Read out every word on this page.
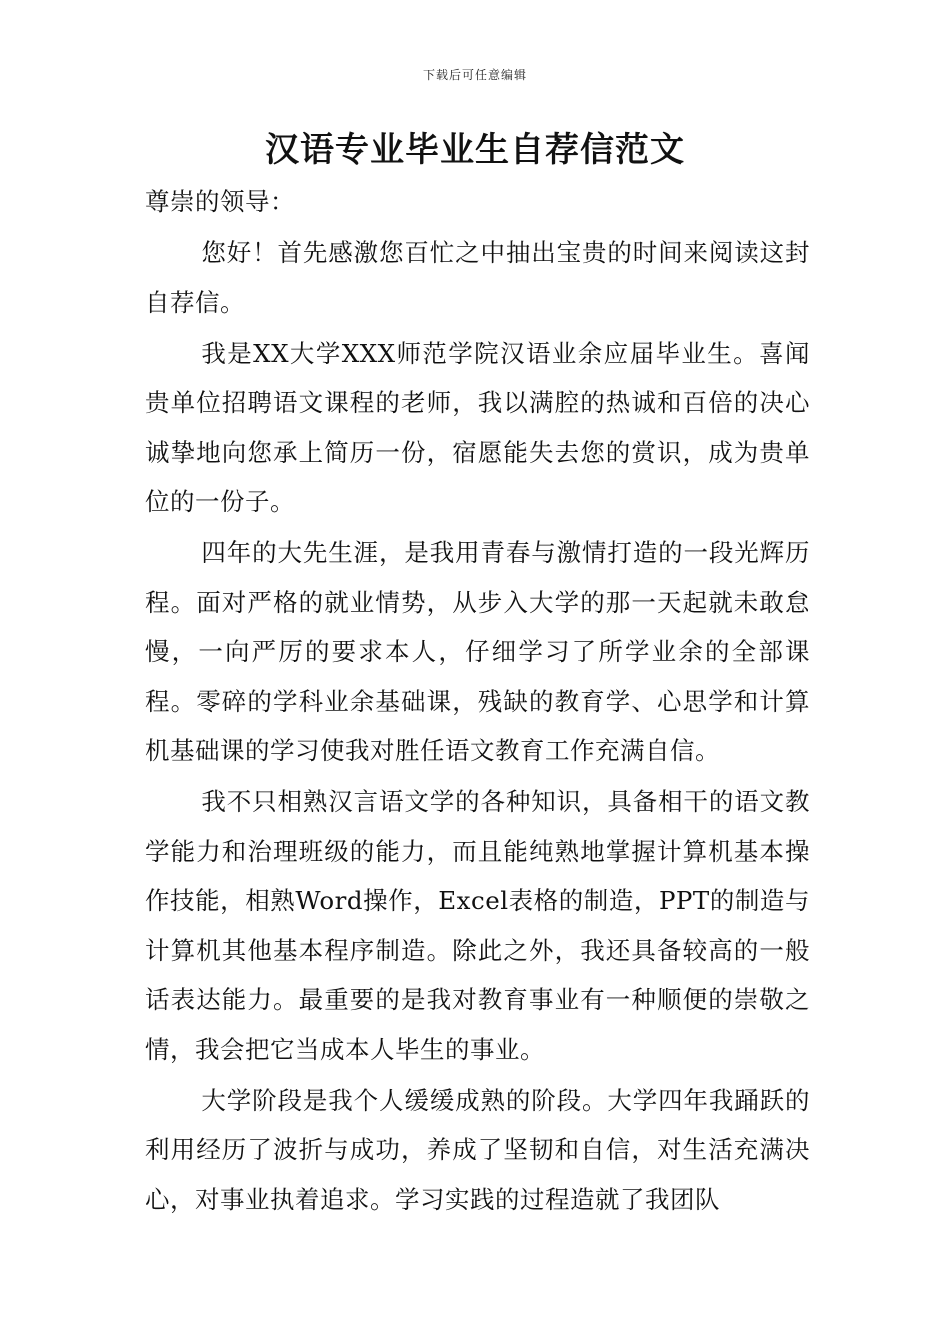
下载后可任意编辑
汉语专业毕业生自荐信范文

尊崇的领导：

您好！首先感激您百忙之中抽出宝贵的时间来阅读这封自荐信。

我是XX大学XXX师范学院汉语业余应届毕业生。喜闻贵单位招聘语文课程的老师，我以满腔的热诚和百倍的决心诚挚地向您承上简历一份，宿愿能失去您的赏识，成为贵单位的一份子。

四年的大先生涯，是我用青春与激情打造的一段光辉历程。面对严格的就业情势，从步入大学的那一天起就未敢怠慢，一向严厉的要求本人，仔细学习了所学业余的全部课程。零碎的学科业余基础课，残缺的教育学、心思学和计算机基础课的学习使我对胜任语文教育工作充满自信。

我不只相熟汉言语文学的各种知识，具备相干的语文教学能力和治理班级的能力，而且能纯熟地掌握计算机基本操作技能，相熟Word操作，Excel表格的制造，PPT的制造与计算机其他基本程序制造。除此之外，我还具备较高的一般话表达能力。最重要的是我对教育事业有一种顺便的崇敬之情，我会把它当成本人毕生的事业。

大学阶段是我个人缓缓成熟的阶段。大学四年我踊跃的利用经历了波折与成功，养成了坚韧和自信，对生活充满决心，对事业执着追求。学习实践的过程造就了我团队
